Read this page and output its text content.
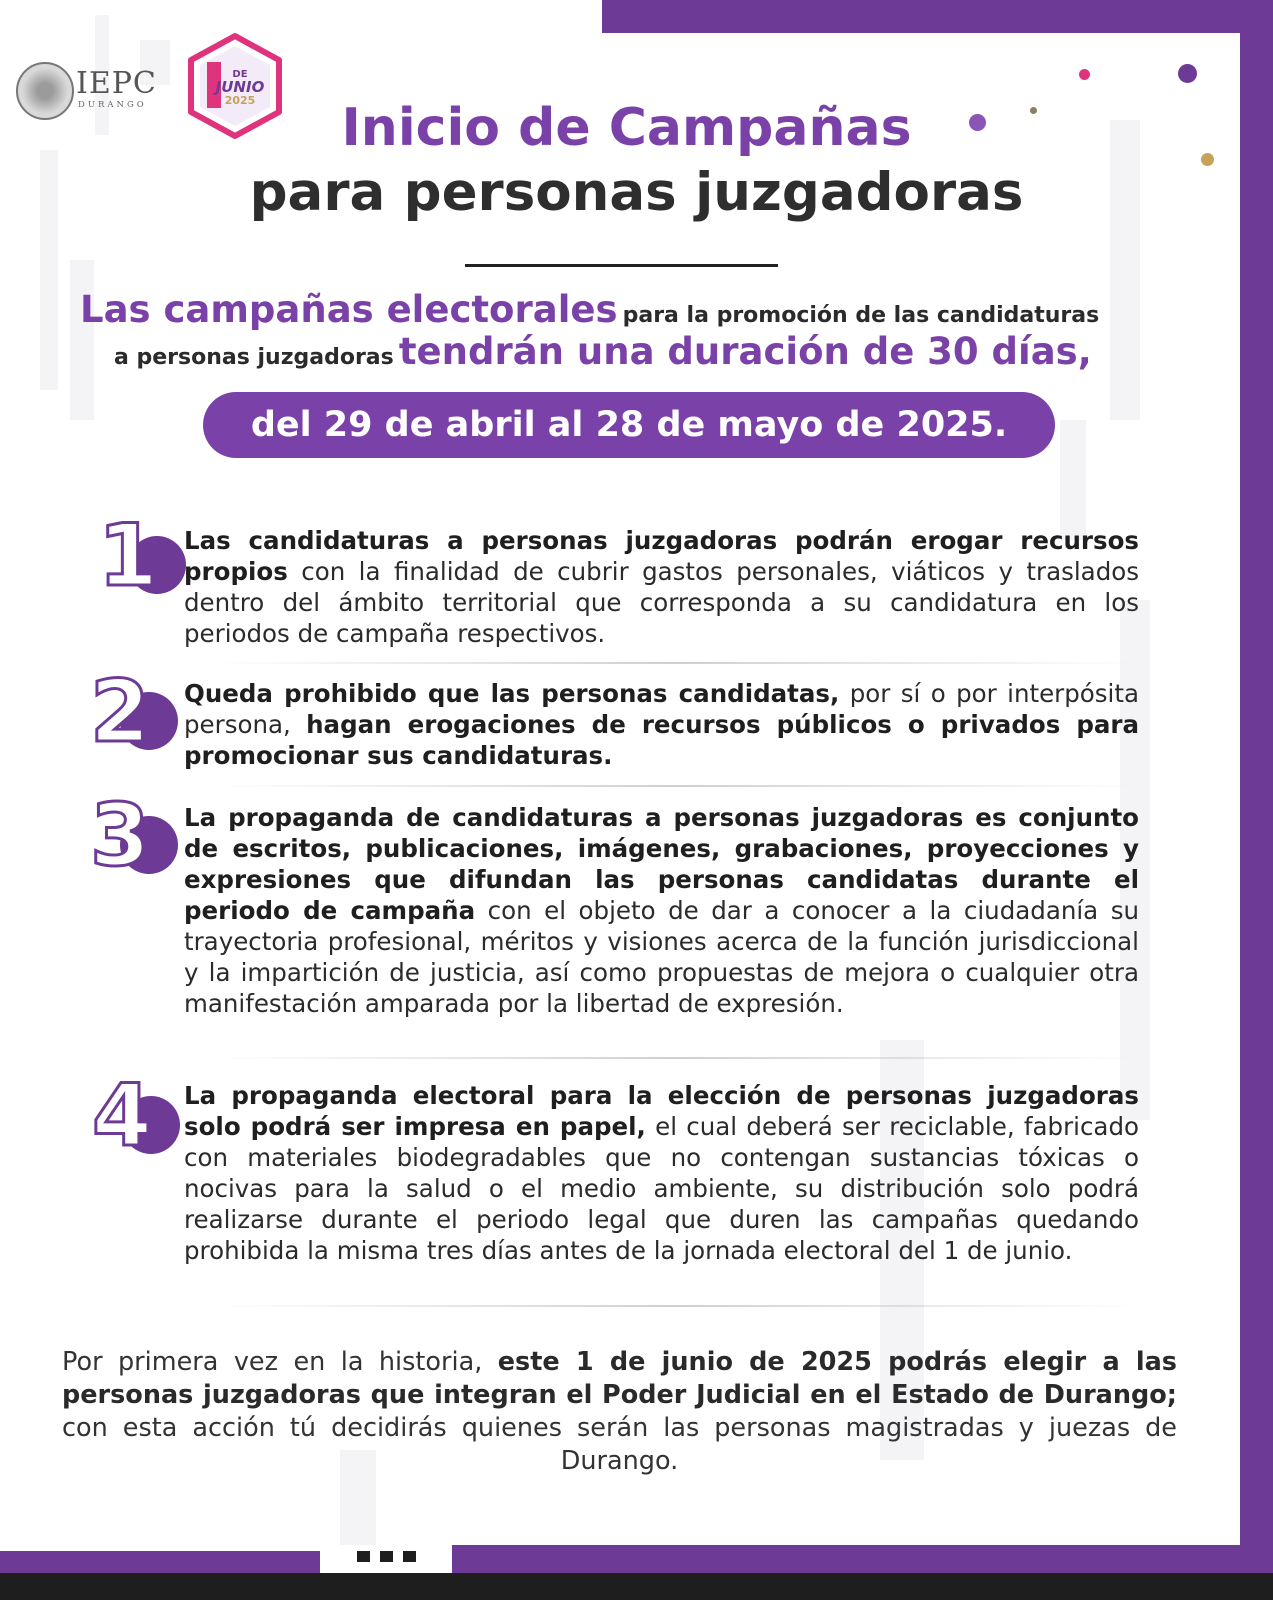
IEPC
DURANGO
DE
JUNIO
2025	Inicio de Campañas
para personas juzgadoras
Las campañas electorales para la promoción de las candidaturas
a personas juzgadoras tendrán una duración de 30 días,
del 29 de abril al 28 de mayo de 2025.
1 Las candidaturas a personas juzgadoras podrán erogar recursos propios con la finalidad de cubrir gastos personales, viáticos y traslados dentro del ámbito territorial que corresponda a su candidatura en los periodos de campaña respectivos.
2 Queda prohibido que las personas candidatas, por sí o por interpósita persona, hagan erogaciones de recursos públicos o privados para promocionar sus candidaturas.
3 La propaganda de candidaturas a personas juzgadoras es conjunto de escritos, publicaciones, imágenes, grabaciones, proyecciones y expresiones que difundan las personas candidatas durante el periodo de campaña con el objeto de dar a conocer a la ciudadanía su trayectoria profesional, méritos y visiones acerca de la función jurisdiccional y la impartición de justicia, así como propuestas de mejora o cualquier otra manifestación amparada por la libertad de expresión.
4 La propaganda electoral para la elección de personas juzgadoras solo podrá ser impresa en papel, el cual deberá ser reciclable, fabricado con materiales biodegradables que no contengan sustancias tóxicas o nocivas para la salud o el medio ambiente, su distribución solo podrá realizarse durante el periodo legal que duren las campañas quedando prohibida la misma tres días antes de la jornada electoral del 1 de junio.
Por primera vez en la historia, este 1 de junio de 2025 podrás elegir a las personas juzgadoras que integran el Poder Judicial en el Estado de Durango; con esta acción tú decidirás quienes serán las personas magistradas y juezas de Durango.
